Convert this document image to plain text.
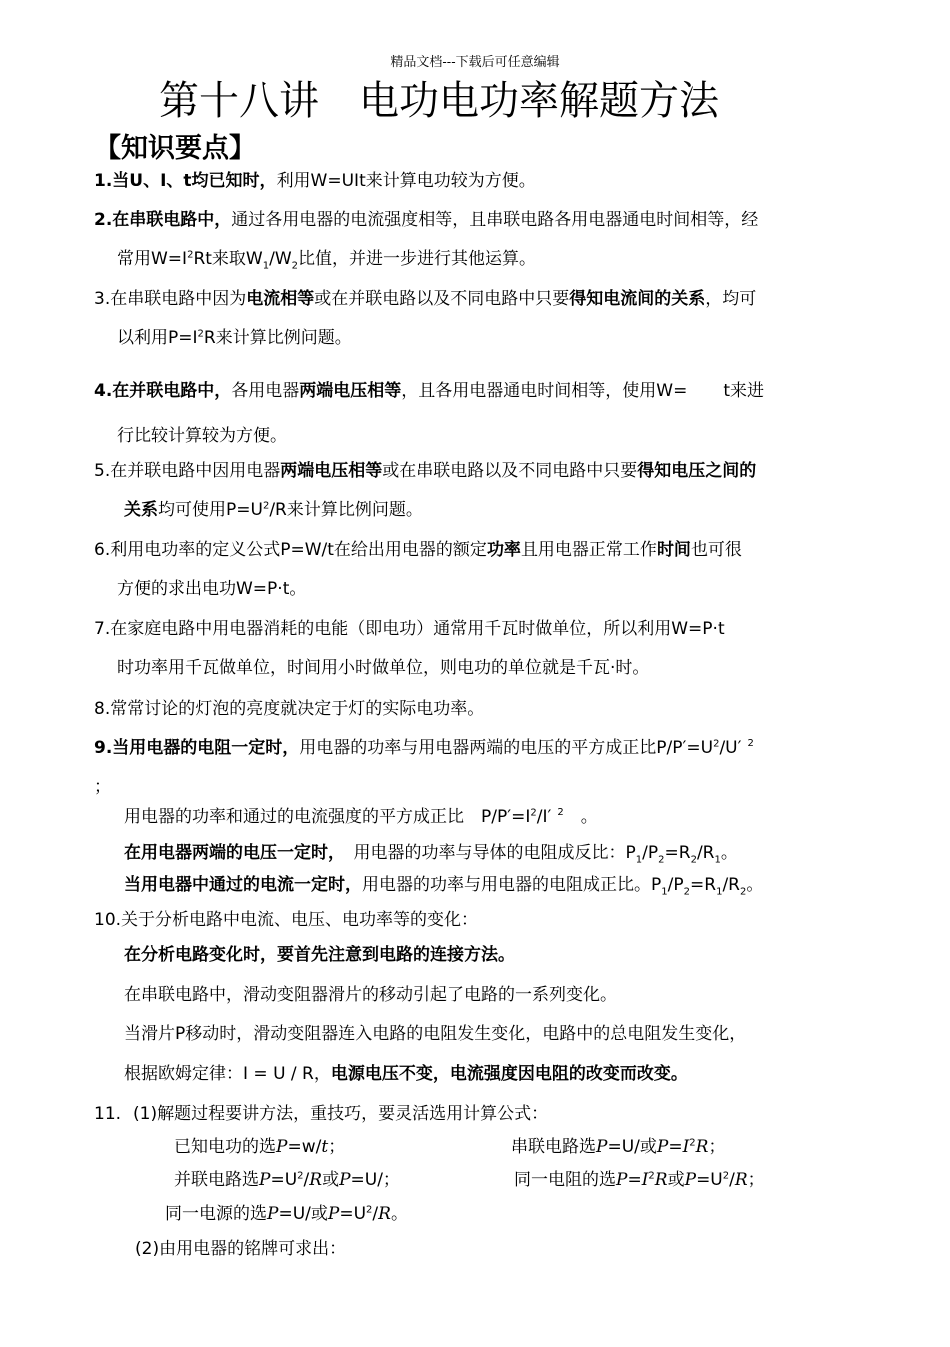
精品文档---下载后可任意编辑
第十八讲　电功电功率解题方法
【知识要点】
1.当U、I、t均已知时，利用W=UIt来计算电功较为方便。
2.在串联电路中，通过各用电器的电流强度相等，且串联电路各用电器通电时间相等，经
常用$W=I^2Rt$来取$W_1/W_2$比值，并进一步进行其他运算。
3.在串联电路中因为电流相等或在并联电路以及不同电路中只要得知电流间的关系，均可
以利用$P=I^2R$来计算比例问题。
4.在并联电路中，各用电器两端电压相等，且各用电器通电时间相等，使用W= t来进
行比较计算较为方便。
5.在并联电路中因用电器两端电压相等或在串联电路以及不同电路中只要得知电压之间的
关系均可使用$P=U^2/R$来计算比例问题。
6.利用电功率的定义公式P=W/t在给出用电器的额定功率且用电器正常工作时间也可很
方便的求出电功W=P·t。
7.在家庭电路中用电器消耗的电能（即电功）通常用千瓦时做单位，所以利用W=P·t
时功率用千瓦做单位，时间用小时做单位，则电功的单位就是千瓦·时。
8.常常讨论的灯泡的亮度就决定于灯的实际电功率。
9.当用电器的电阻一定时，用电器的功率与用电器两端的电压的平方成正比$P/P'=U^2/U'$ $^2$
；
用电器的功率和通过的电流强度的平方成正比　$P/P'=I^2/I'$ $^2$　。
在用电器两端的电压一定时，　用电器的功率与导体的电阻成反比：$P_1/P_2=R_2/R_1$。
当用电器中通过的电流一定时，用电器的功率与用电器的电阻成正比。$P_1/P_2=R_1/R_2$。
10.关于分析电路中电流、电压、电功率等的变化：
在分析电路变化时，要首先注意到电路的连接方法。
在串联电路中，滑动变阻器滑片的移动引起了电路的一系列变化。
当滑片P移动时，滑动变阻器连入电路的电阻发生变化，电路中的总电阻发生变化，
根据欧姆定律：I = U / R，电源电压不变，电流强度因电阻的改变而改变。
11. (1)解题过程要讲方法，重技巧，要灵活选用计算公式：
已知电功的选P=w/t；	串联电路选P=U/或$P=I^2R$；
并联电路选$P=U^2/R$或P=U/；	同一电阻的选$P=I^2R$或$P=U^2/R$；
同一电源的选P=U/或$P=U^2/R$。
(2)由用电器的铭牌可求出：
